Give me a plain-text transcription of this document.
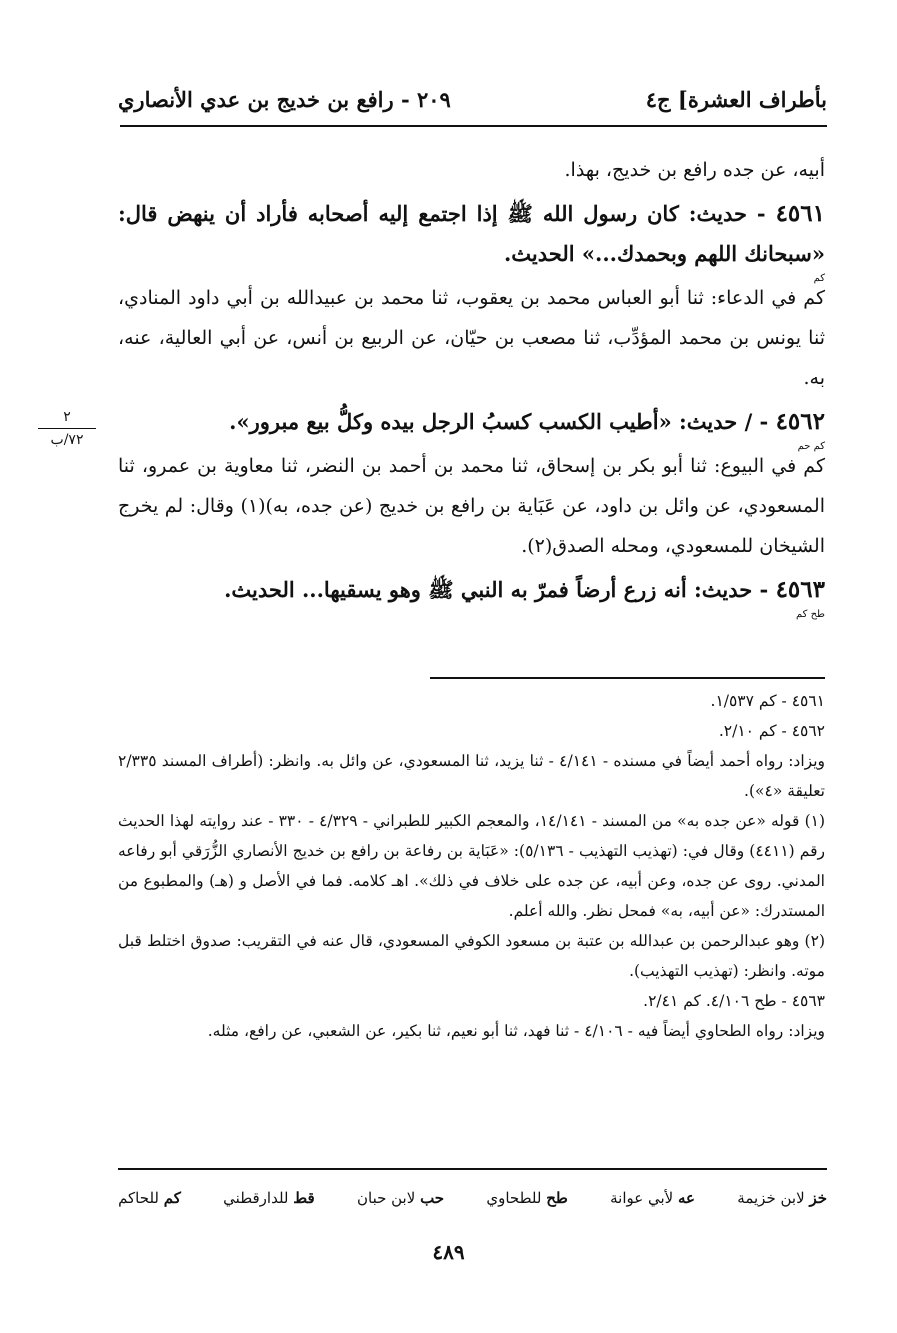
بأطراف العشرة] ج٤
٢٠٩ - رافع بن خديج بن عدي الأنصاري
٢
٧٢/ب

أبيه، عن جده رافع بن خديج، بهذا.

٤٥٦١ - حديث: كان رسول الله ﷺ إذا اجتمع إليه أصحابه فأراد أن ينهض قال: «سبحانك اللهم وبحمدك...» الحديث.
كم

كم في الدعاء: ثنا أبو العباس محمد بن يعقوب، ثنا محمد بن عبيدالله بن أبي داود المنادي، ثنا يونس بن محمد المؤدِّب، ثنا مصعب بن حيّان، عن الربيع بن أنس، عن أبي العالية، عنه، به.

٤٥٦٢ - / حديث: «أطيب الكسب كسبُ الرجل بيده وكلُّ بيع مبرور».
كم حم

كم في البيوع: ثنا أبو بكر بن إسحاق، ثنا محمد بن أحمد بن النضر، ثنا معاوية بن عمرو، ثنا المسعودي، عن وائل بن داود، عن عَبَاية بن رافع بن خديج (عن جده، به)(١) وقال: لم يخرج الشيخان للمسعودي، ومحله الصدق(٢).

٤٥٦٣ - حديث: أنه زرع أرضاً فمرّ به النبي ﷺ وهو يسقيها... الحديث.
طح كم

٤٥٦١ - كم ١/٥٣٧.

٤٥٦٢ - كم ٢/١٠.

ويزاد: رواه أحمد أيضاً في مسنده - ٤/١٤١ - ثنا يزيد، ثنا المسعودي، عن وائل به. وانظر: (أطراف المسند ٢/٣٣٥ تعليقة «٤»).

(١) قوله «عن جده به» من المسند - ١٤/١٤١، والمعجم الكبير للطبراني - ٤/٣٢٩ - ٣٣٠ - عند روايته لهذا الحديث رقم (٤٤١١) وقال في: (تهذيب التهذيب - ٥/١٣٦): «عَبَاية بن رفاعة بن رافع بن خديج الأنصاري الزُّرَقي أبو رفاعه المدني. روى عن جده، وعن أبيه، عن جده على خلاف في ذلك». اهـ كلامه. فما في الأصل و (هـ) والمطبوع من المستدرك: «عن أبيه، به» فمحل نظر. والله أعلم.

(٢) وهو عبدالرحمن بن عبدالله بن عتبة بن مسعود الكوفي المسعودي، قال عنه في التقريب: صدوق اختلط قبل موته. وانظر: (تهذيب التهذيب).

٤٥٦٣ - طح ٤/١٠٦. كم ٢/٤١.

ويزاد: رواه الطحاوي أيضاً فيه - ٤/١٠٦ - ثنا فهد، ثنا أبو نعيم، ثنا بكير، عن الشعبي، عن رافع، مثله.

خز لابن خزيمة
عه لأبي عوانة
طح للطحاوي
حب لابن حبان
قط للدارقطني
كم للحاكم
٤٨٩
